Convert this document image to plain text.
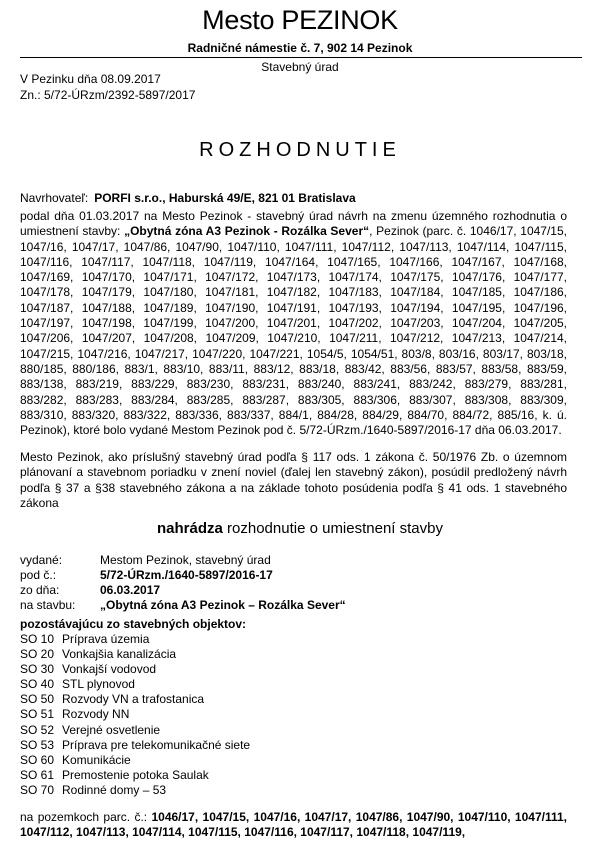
Mesto PEZINOK
Radničné námestie č. 7, 902 14 Pezinok
Stavebný úrad
V Pezinku dňa 08.09.2017
Zn.: 5/72-ÚRzm/2392-5897/2017
ROZHODNUTIE
Navrhovateľ: PORFI s.r.o., Haburská 49/E, 821 01 Bratislava
podal dňa 01.03.2017 na Mesto Pezinok - stavebný úrad návrh na zmenu územného rozhodnutia o umiestnení stavby: „Obytná zóna A3 Pezinok - Rozálka Sever“, Pezinok (parc. č. 1046/17, 1047/15, 1047/16, 1047/17, 1047/86, 1047/90, 1047/110, 1047/111, 1047/112, 1047/113, 1047/114, 1047/115, 1047/116, 1047/117, 1047/118, 1047/119, 1047/164, 1047/165, 1047/166, 1047/167, 1047/168, 1047/169, 1047/170, 1047/171, 1047/172, 1047/173, 1047/174, 1047/175, 1047/176, 1047/177, 1047/178, 1047/179, 1047/180, 1047/181, 1047/182, 1047/183, 1047/184, 1047/185, 1047/186, 1047/187, 1047/188, 1047/189, 1047/190, 1047/191, 1047/193, 1047/194, 1047/195, 1047/196, 1047/197, 1047/198, 1047/199, 1047/200, 1047/201, 1047/202, 1047/203, 1047/204, 1047/205, 1047/206, 1047/207, 1047/208, 1047/209, 1047/210, 1047/211, 1047/212, 1047/213, 1047/214, 1047/215, 1047/216, 1047/217, 1047/220, 1047/221, 1054/5, 1054/51, 803/8, 803/16, 803/17, 803/18, 880/185, 880/186, 883/1, 883/10, 883/11, 883/12, 883/18, 883/42, 883/56, 883/57, 883/58, 883/59, 883/138, 883/219, 883/229, 883/230, 883/231, 883/240, 883/241, 883/242, 883/279, 883/281, 883/282, 883/283, 883/284, 883/285, 883/287, 883/305, 883/306, 883/307, 883/308, 883/309, 883/310, 883/320, 883/322, 883/336, 883/337, 884/1, 884/28, 884/29, 884/70, 884/72, 885/16, k. ú. Pezinok), ktoré bolo vydané Mestom Pezinok pod č. 5/72-ÚRzm./1640-5897/2016-17 dňa 06.03.2017.
Mesto Pezinok, ako príslušný stavebný úrad podľa § 117 ods. 1 zákona č. 50/1976 Zb. o územnom plánovaní a stavebnom poriadku v znení noviel (ďalej len stavebný zákon), posúdil predložený návrh podľa § 37 a §38 stavebného zákona a na základe tohoto posúdenia podľa § 41 ods. 1 stavebného zákona
nahrádza rozhodnutie o umiestnení stavby
vydané:	Mestom Pezinok, stavebný úrad
pod č.:	5/72-ÚRzm./1640-5897/2016-17
zo dňa:	06.03.2017
na stavbu: „Obytná zóna A3 Pezinok – Rozálka Sever“
pozostávajúcu zo stavebných objektov:
SO 10 Príprava územia
SO 20 Vonkajšia kanalizácia
SO 30 Vonkajší vodovod
SO 40 STL plynovod
SO 50 Rozvody VN a trafostanica
SO 51 Rozvody NN
SO 52 Verejné osvetlenie
SO 53 Príprava pre telekomunikačné siete
SO 60 Komunikácie
SO 61 Premostenie potoka Saulak
SO 70 Rodinné domy – 53
na pozemkoch parc. č.: 1046/17, 1047/15, 1047/16, 1047/17, 1047/86, 1047/90, 1047/110, 1047/111, 1047/112, 1047/113, 1047/114, 1047/115, 1047/116, 1047/117, 1047/118, 1047/119,
